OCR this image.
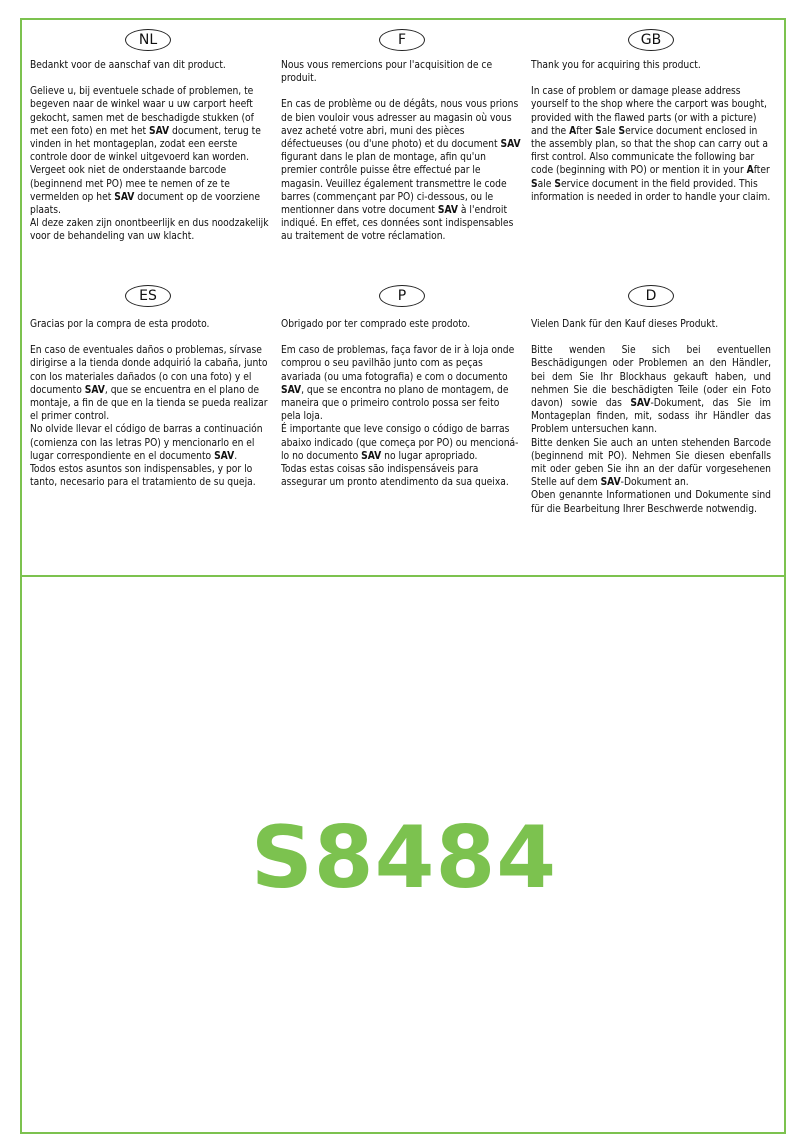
NL

Bedankt voor de aanschaf van dit product.

Gelieve u, bij eventuele schade of problemen, te begeven naar de winkel waar u uw carport heeft gekocht, samen met de beschadigde stukken (of met een foto) en met het SAV document, terug te vinden in het montageplan, zodat een eerste controle door de winkel uitgevoerd kan worden.
Vergeet ook niet de onderstaande barcode (beginnend met PO) mee te nemen of ze te vermelden op het SAV document op de voorziene plaats.
Al deze zaken zijn onontbeerlijk en dus noodzakelijk voor de behandeling van uw klacht.

F

Nous vous remercions pour l'acquisition de ce produit.

En cas de problème ou de dégâts, nous vous prions de bien vouloir vous adresser au magasin où vous avez acheté votre abri, muni des pièces défectueuses (ou d'une photo) et du document SAV figurant dans le plan de montage, afin qu'un premier contrôle puisse être effectué par le magasin. Veuillez également transmettre le code barres (commençant par PO) ci-dessous, ou le mentionner dans votre document SAV à l'endroit indiqué. En effet, ces données sont indispensables au traitement de votre réclamation.

GB

Thank you for acquiring this product.

In case of problem or damage please address yourself to the shop where the carport was bought, provided with the flawed parts (or with a picture) and the After Sale Service document enclosed in the assembly plan, so that the shop can carry out a first control. Also communicate the following bar code (beginning with PO) or mention it in your After Sale Service document in the field provided. This information is needed in order to handle your claim.

ES

Gracias por la compra de esta prodoto.

En caso de eventuales daños o problemas, sírvase  dirigirse a la tienda donde adquirió la cabaña, junto con los materiales dañados (o con una foto) y el documento SAV, que se encuentra en el plano de montaje, a fin de que en la tienda se pueda realizar el primer control.
No olvide llevar el código de barras a continuación (comienza con las letras PO) y mencionarlo en el lugar correspondiente en el documento SAV.
Todos estos asuntos son indispensables, y por lo tanto, necesario para el tratamiento de su queja.

P

Obrigado por ter comprado este prodoto.

Em caso de problemas, faça favor de ir à loja onde comprou o seu pavilhão junto com as peças avariada (ou uma fotografia) e com o documento SAV, que se encontra no plano de montagem, de maneira que o primeiro controlo possa ser feito pela loja.
É importante que leve consigo o código de barras abaixo indicado (que começa por PO) ou mencioná-lo no documento SAV no lugar apropriado.
Todas estas coisas são indispensáveis para assegurar um pronto atendimento da sua queixa.

D

Vielen Dank für den Kauf dieses Produkt.

Bitte wenden Sie sich bei eventuellen Beschädigungen oder Problemen an den Händler, bei dem Sie Ihr Blockhaus gekauft haben, und nehmen Sie die beschädigten Teile (oder ein Foto davon) sowie das SAV-Dokument, das Sie im Montageplan finden, mit, sodass ihr Händler das Problem untersuchen kann.
Bitte denken Sie auch an unten stehenden Barcode (beginnend mit PO). Nehmen Sie diesen ebenfalls mit oder geben Sie ihn an der dafür vorgesehenen Stelle auf dem SAV-Dokument an.
Oben genannte Informationen und Dokumente sind für die Bearbeitung Ihrer Beschwerde notwendig.

S8484
